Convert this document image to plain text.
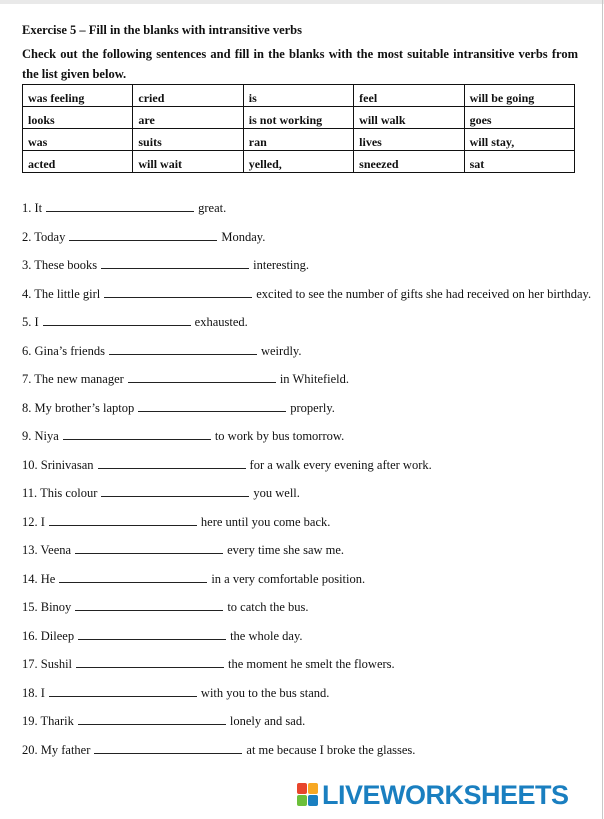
Exercise 5 – Fill in the blanks with intransitive verbs
Check out the following sentences and fill in the blanks with the most suitable intransitive verbs from the list given below.
was feeling	cried	is	feel	will be going
looks	are	is not working	will walk	goes
was	suits	ran	lives	will stay,
acted	will wait	yelled,	sneezed	sat
1. It	great.
2. Today	Monday.
3. These books	interesting.
4. The little girl	excited to see the number of gifts she had received on her birthday.
5. I	exhausted.
6. Gina’s friends	weirdly.
7. The new manager	in Whitefield.
8. My brother’s laptop	properly.
9. Niya	to work by bus tomorrow.
10. Srinivasan	for a walk every evening after work.
11. This colour	you well.
12. I	here until you come back.
13. Veena	every time she saw me.
14. He	in a very comfortable position.
15. Binoy	to catch the bus.
16. Dileep	the whole day.
17. Sushil	the moment he smelt the flowers.
18. I	with you to the bus stand.
19. Tharik	lonely and sad.
20. My father	at me because I broke the glasses.
LIVEWORKSHEETS
